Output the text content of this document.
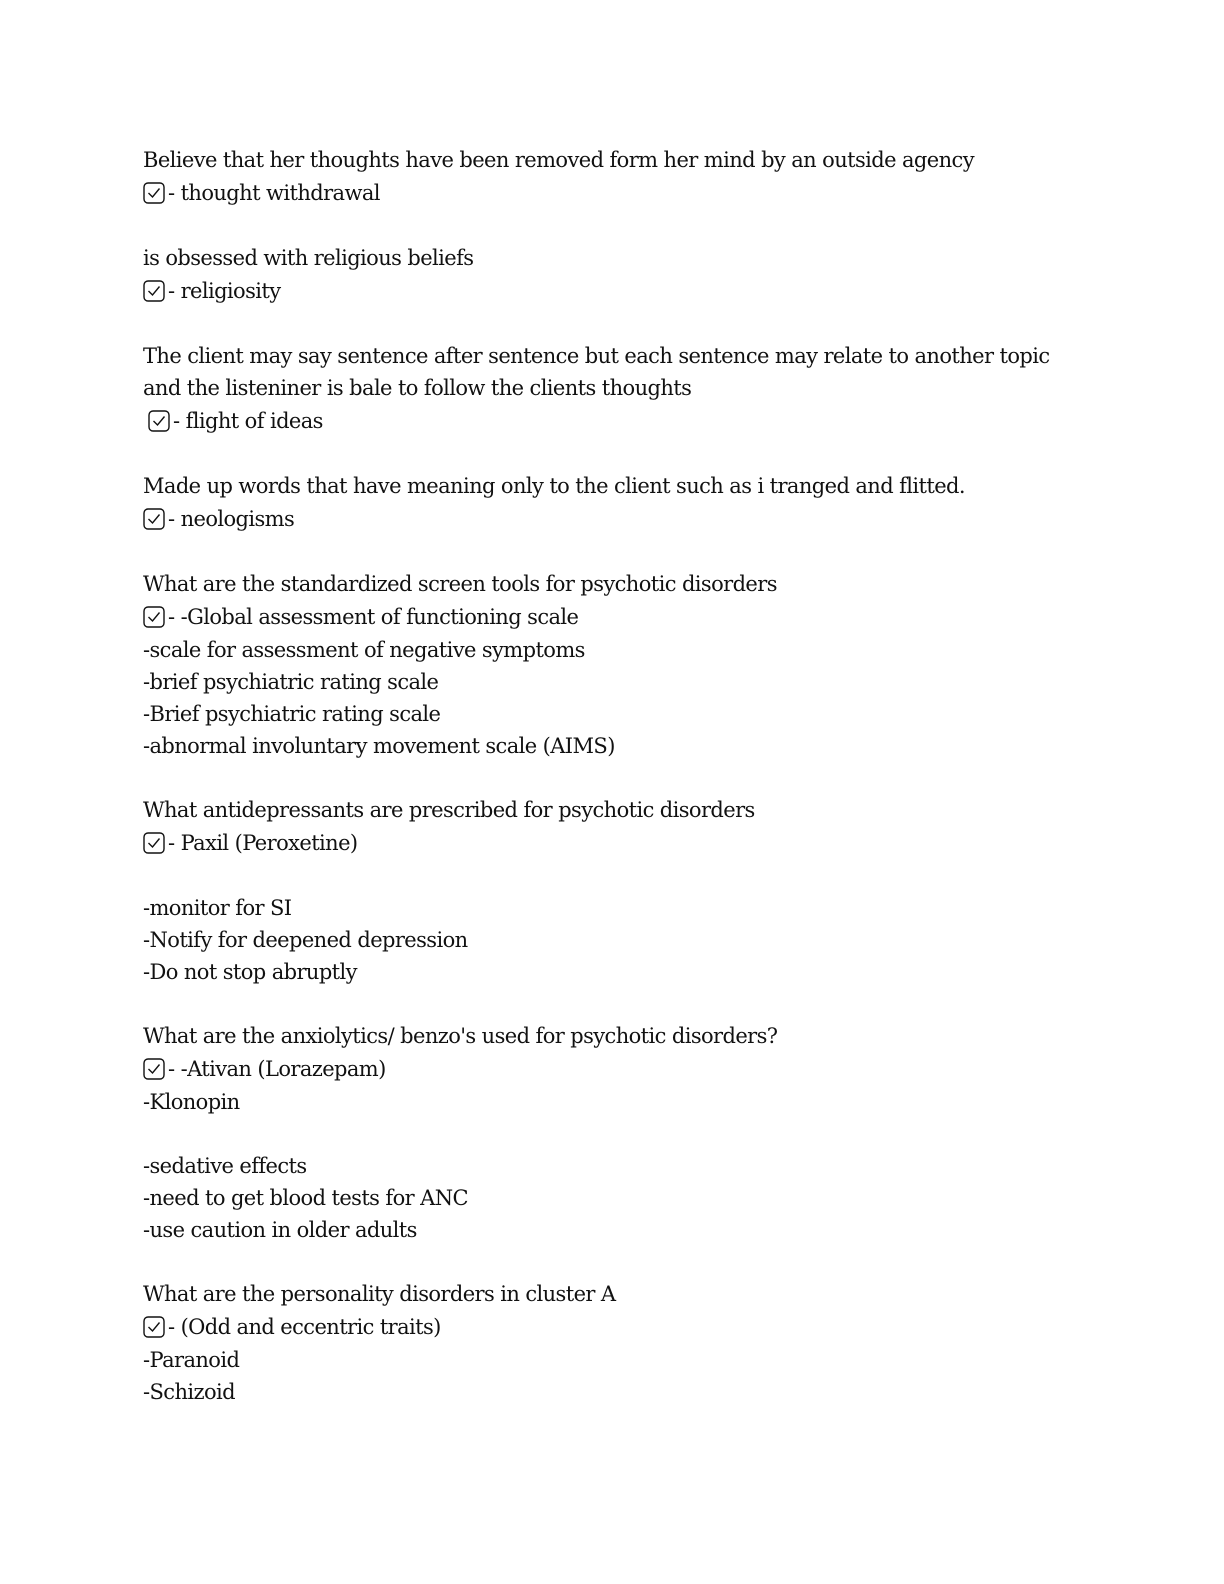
Believe that her thoughts have been removed form her mind by an outside agency
- thought withdrawal
is obsessed with religious beliefs
- religiosity
The client may say sentence after sentence but each sentence may relate to another topic
and the listeniner is bale to follow the clients thoughts
- flight of ideas
Made up words that have meaning only to the client such as i tranged and flitted.
- neologisms
What are the standardized screen tools for psychotic disorders
- -Global assessment of functioning scale
-scale for assessment of negative symptoms
-brief psychiatric rating scale
-Brief psychiatric rating scale
-abnormal involuntary movement scale (AIMS)
What antidepressants are prescribed for psychotic disorders
- Paxil (Peroxetine)
-monitor for SI
-Notify for deepened depression
-Do not stop abruptly
What are the anxiolytics/ benzo's used for psychotic disorders?
- -Ativan (Lorazepam)
-Klonopin
-sedative effects
-need to get blood tests for ANC
-use caution in older adults
What are the personality disorders in cluster A
- (Odd and eccentric traits)
-Paranoid
-Schizoid
